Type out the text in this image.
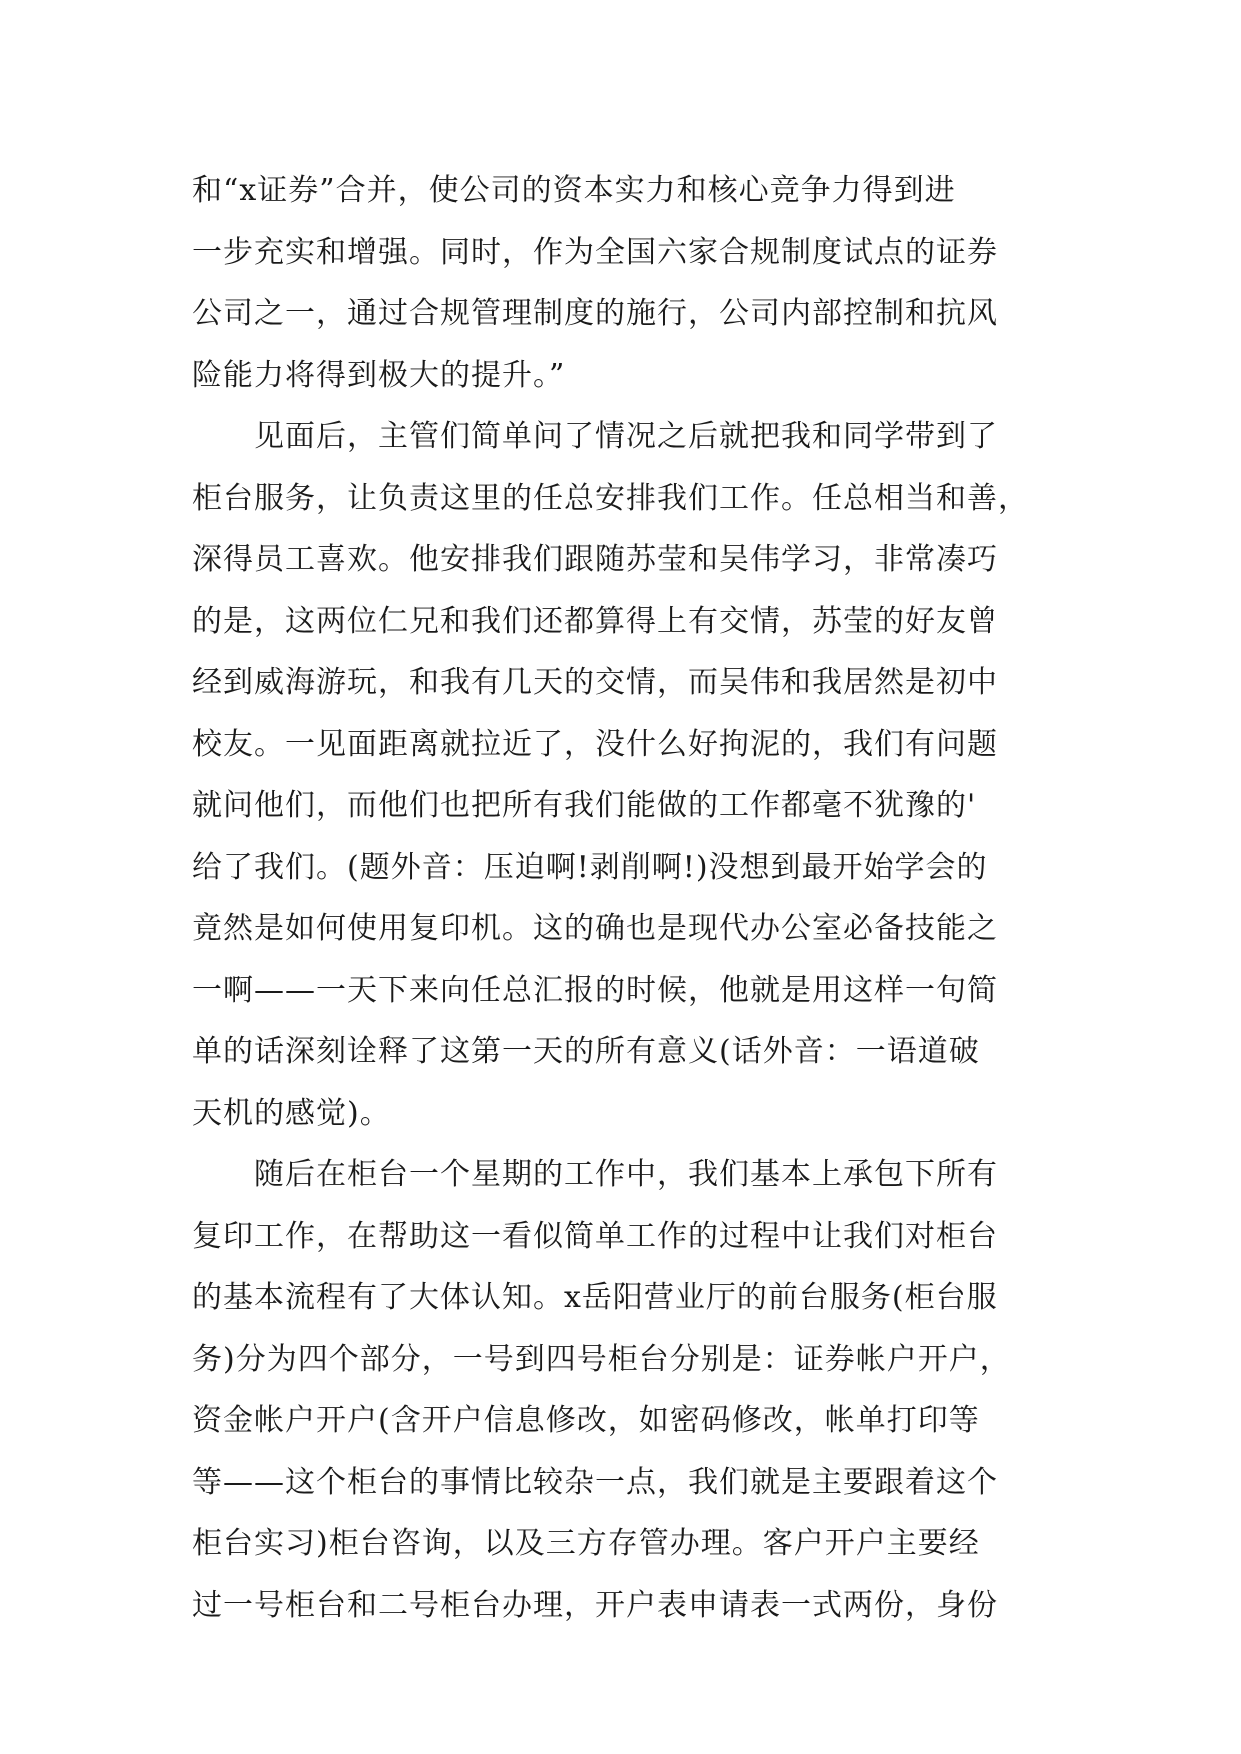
和“x证券”合并，使公司的资本实力和核心竞争力得到进
一步充实和增强。同时，作为全国六家合规制度试点的证券
公司之一，通过合规管理制度的施行，公司内部控制和抗风
险能力将得到极大的提升。”
　　见面后，主管们简单问了情况之后就把我和同学带到了
柜台服务，让负责这里的任总安排我们工作。任总相当和善，
深得员工喜欢。他安排我们跟随苏莹和吴伟学习，非常凑巧
的是，这两位仁兄和我们还都算得上有交情，苏莹的好友曾
经到威海游玩，和我有几天的交情，而吴伟和我居然是初中
校友。一见面距离就拉近了，没什么好拘泥的，我们有问题
就问他们，而他们也把所有我们能做的工作都毫不犹豫的'
给了我们。(题外音：压迫啊!剥削啊!)没想到最开始学会的
竟然是如何使用复印机。这的确也是现代办公室必备技能之
一啊——一天下来向任总汇报的时候，他就是用这样一句简
单的话深刻诠释了这第一天的所有意义(话外音：一语道破
天机的感觉)。
　　随后在柜台一个星期的工作中，我们基本上承包下所有
复印工作，在帮助这一看似简单工作的过程中让我们对柜台
的基本流程有了大体认知。x岳阳营业厅的前台服务(柜台服
务)分为四个部分，一号到四号柜台分别是：证券帐户开户，
资金帐户开户(含开户信息修改，如密码修改，帐单打印等
等——这个柜台的事情比较杂一点，我们就是主要跟着这个
柜台实习)柜台咨询，以及三方存管办理。客户开户主要经
过一号柜台和二号柜台办理，开户表申请表一式两份，身份
